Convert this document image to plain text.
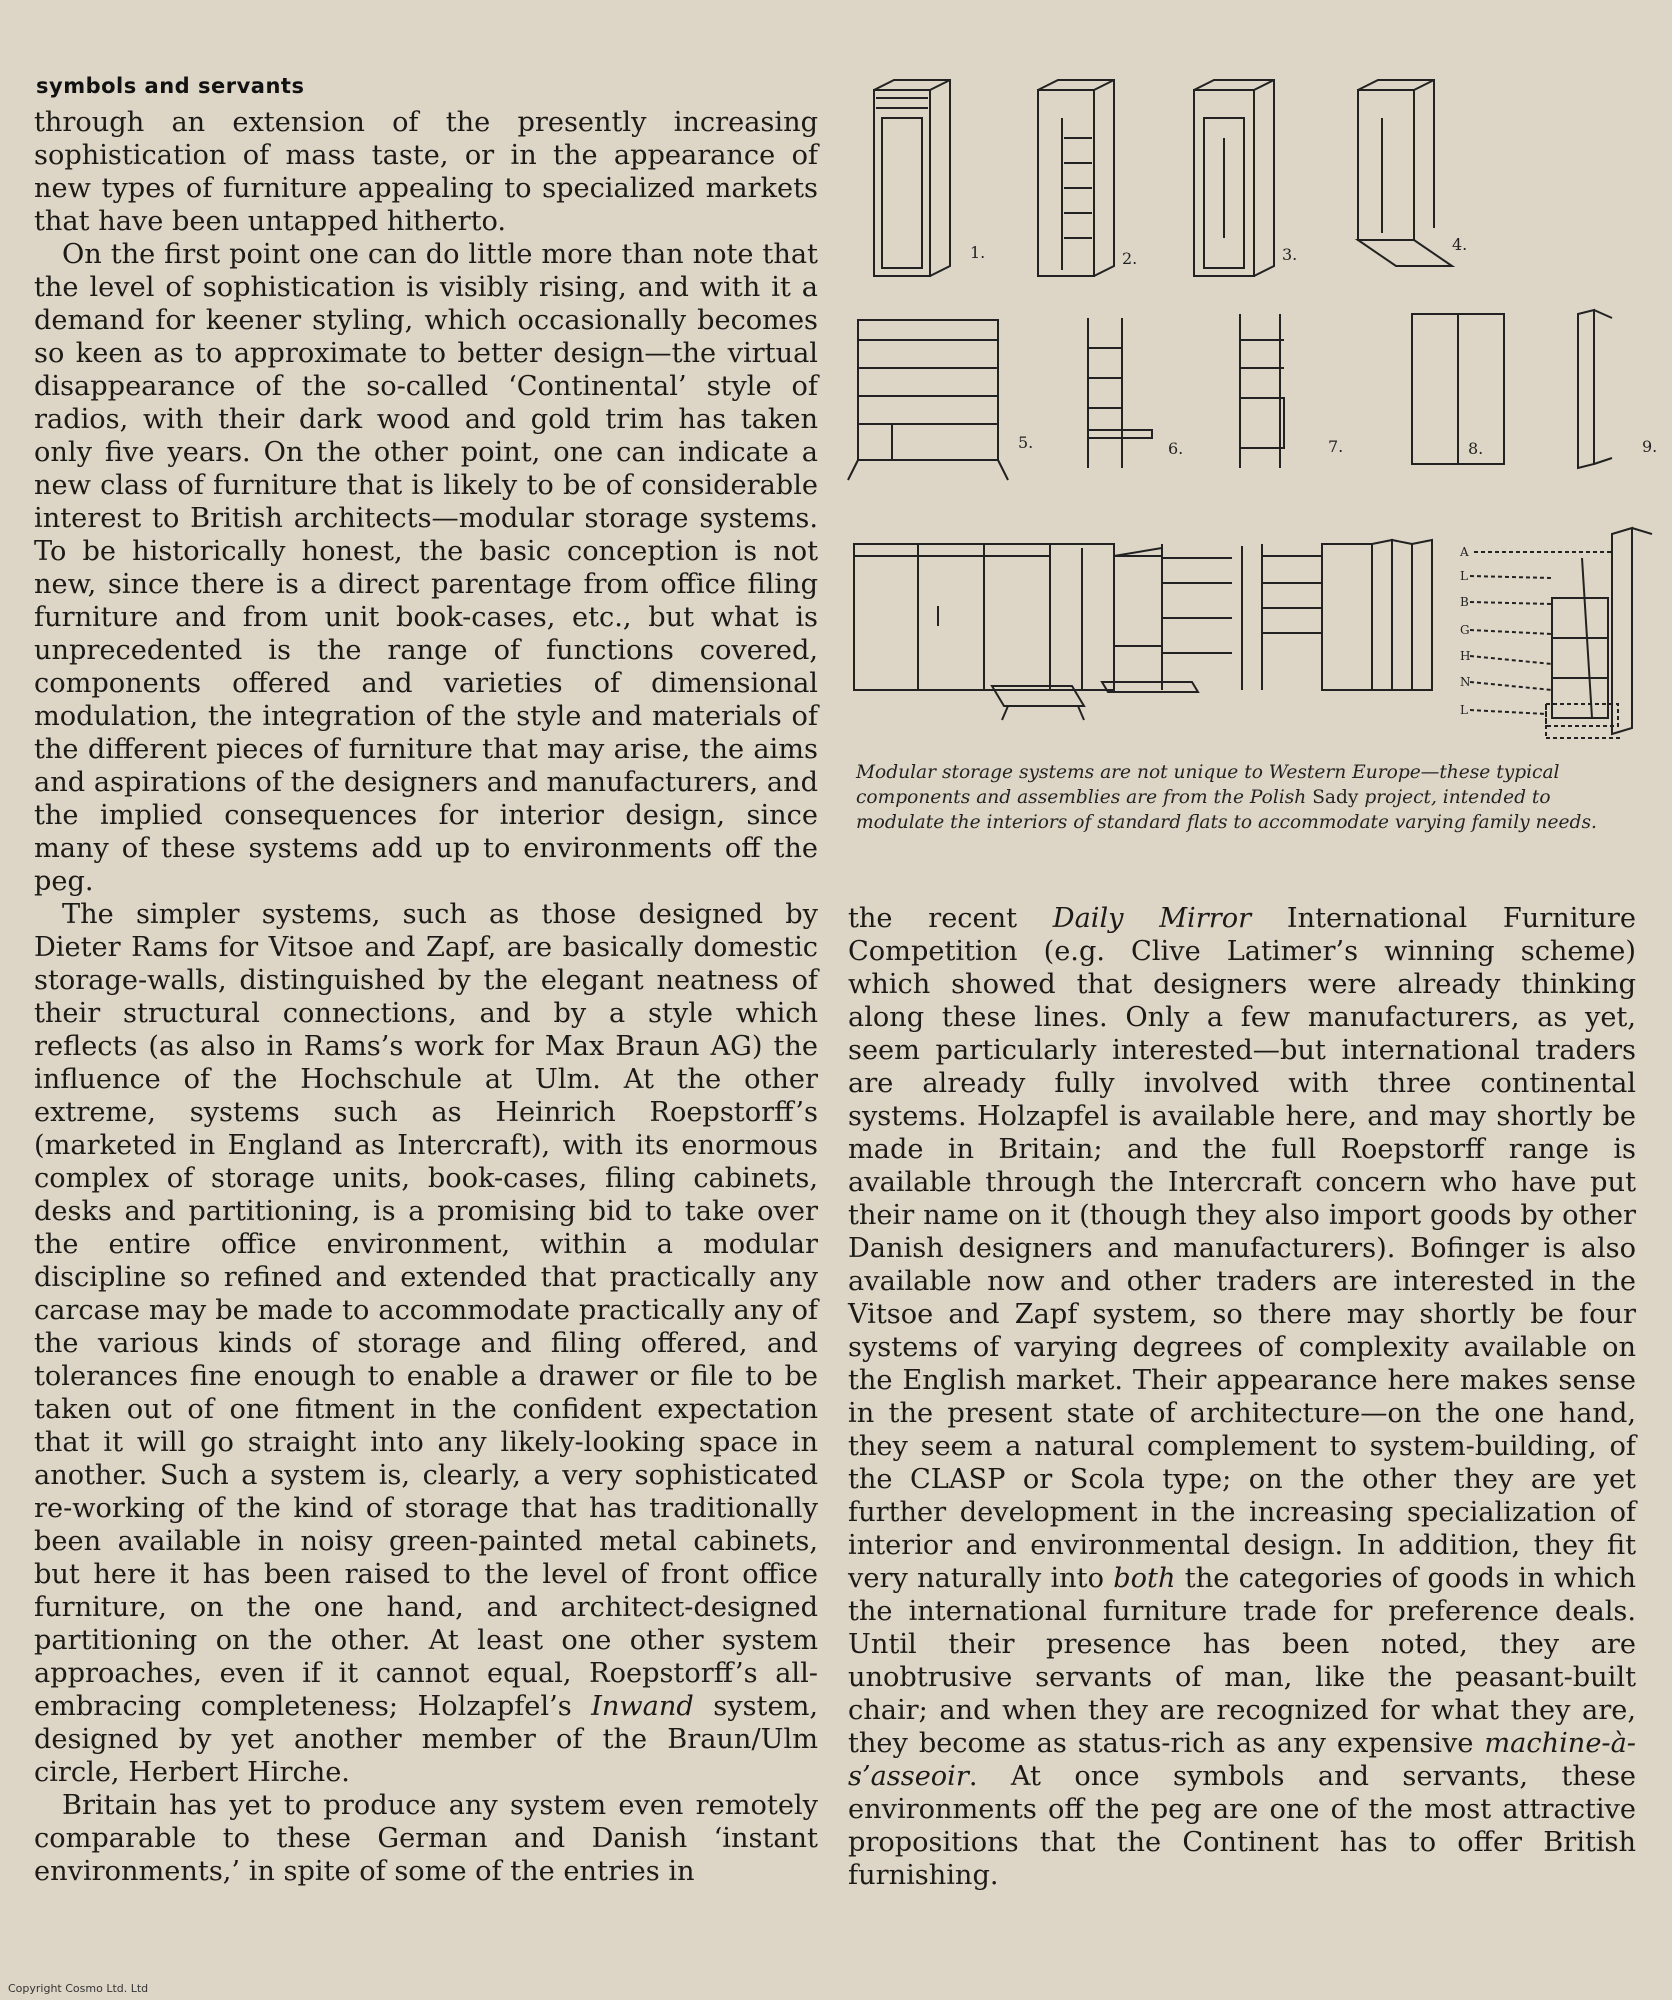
symbols and servants

through an extension of the presently increasing sophistication of mass taste, or in the appearance of new types of furniture appealing to specialized markets that have been untapped hitherto.

On the first point one can do little more than note that the level of sophistication is visibly rising, and with it a demand for keener styling, which occasionally becomes so keen as to approximate to better design—the virtual disappearance of the so-called ‘Continental’ style of radios, with their dark wood and gold trim has taken only five years. On the other point, one can indicate a new class of furniture that is likely to be of considerable interest to British architects—modular storage systems. To be historically honest, the basic conception is not new, since there is a direct parentage from office filing furniture and from unit book-cases, etc., but what is unprecedented is the range of functions covered, components offered and varieties of dimensional modulation, the integration of the style and materials of the different pieces of furniture that may arise, the aims and aspirations of the designers and manufacturers, and the implied consequences for interior design, since many of these systems add up to environments off the peg.

The simpler systems, such as those designed by Dieter Rams for Vitsoe and Zapf, are basically domestic storage-walls, distinguished by the elegant neatness of their structural connections, and by a style which reflects (as also in Rams’s work for Max Braun AG) the influence of the Hochschule at Ulm. At the other extreme, systems such as Heinrich Roepstorff’s (marketed in England as Intercraft), with its enormous complex of storage units, book-cases, filing cabinets, desks and partitioning, is a promising bid to take over the entire office environment, within a modular discipline so refined and extended that practically any carcase may be made to accommodate practically any of the various kinds of storage and filing offered, and tolerances fine enough to enable a drawer or file to be taken out of one fitment in the confident expectation that it will go straight into any likely-looking space in another. Such a system is, clearly, a very sophisticated re-working of the kind of storage that has traditionally been available in noisy green-painted metal cabinets, but here it has been raised to the level of front office furniture, on the one hand, and architect-designed partitioning on the other. At least one other system approaches, even if it cannot equal, Roepstorff’s all-embracing completeness; Holzapfel’s Inwand system, designed by yet another member of the Braun/Ulm circle, Herbert Hirche.

Britain has yet to produce any system even remotely comparable to these German and Danish ‘instant environments,’ in spite of some of the entries in

1.	2.	3.
4.
5.	6.	7.	8.	9.
A
L
B
G
H
N
L
Modular storage systems are not unique to Western Europe—these typical components and assemblies are from the Polish Sady project, intended to modulate the interiors of standard flats to accommodate varying family needs.

the recent Daily Mirror International Furniture Competition (e.g. Clive Latimer’s winning scheme) which showed that designers were already thinking along these lines. Only a few manufacturers, as yet, seem particularly interested—but international traders are already fully involved with three continental systems. Holzapfel is available here, and may shortly be made in Britain; and the full Roepstorff range is available through the Intercraft concern who have put their name on it (though they also import goods by other Danish designers and manufacturers). Bofinger is also available now and other traders are interested in the Vitsoe and Zapf system, so there may shortly be four systems of varying degrees of complexity available on the English market. Their appearance here makes sense in the present state of architecture—on the one hand, they seem a natural complement to system-building, of the CLASP or Scola type; on the other they are yet further development in the increasing specialization of interior and environmental design. In addition, they fit very naturally into both the categories of goods in which the international furniture trade for preference deals. Until their presence has been noted, they are unobtrusive servants of man, like the peasant-built chair; and when they are recognized for what they are, they become as status-rich as any expensive machine-à-s’asseoir. At once symbols and servants, these environments off the peg are one of the most attractive propositions that the Continent has to offer British furnishing.

Copyright Cosmo Ltd. Ltd
